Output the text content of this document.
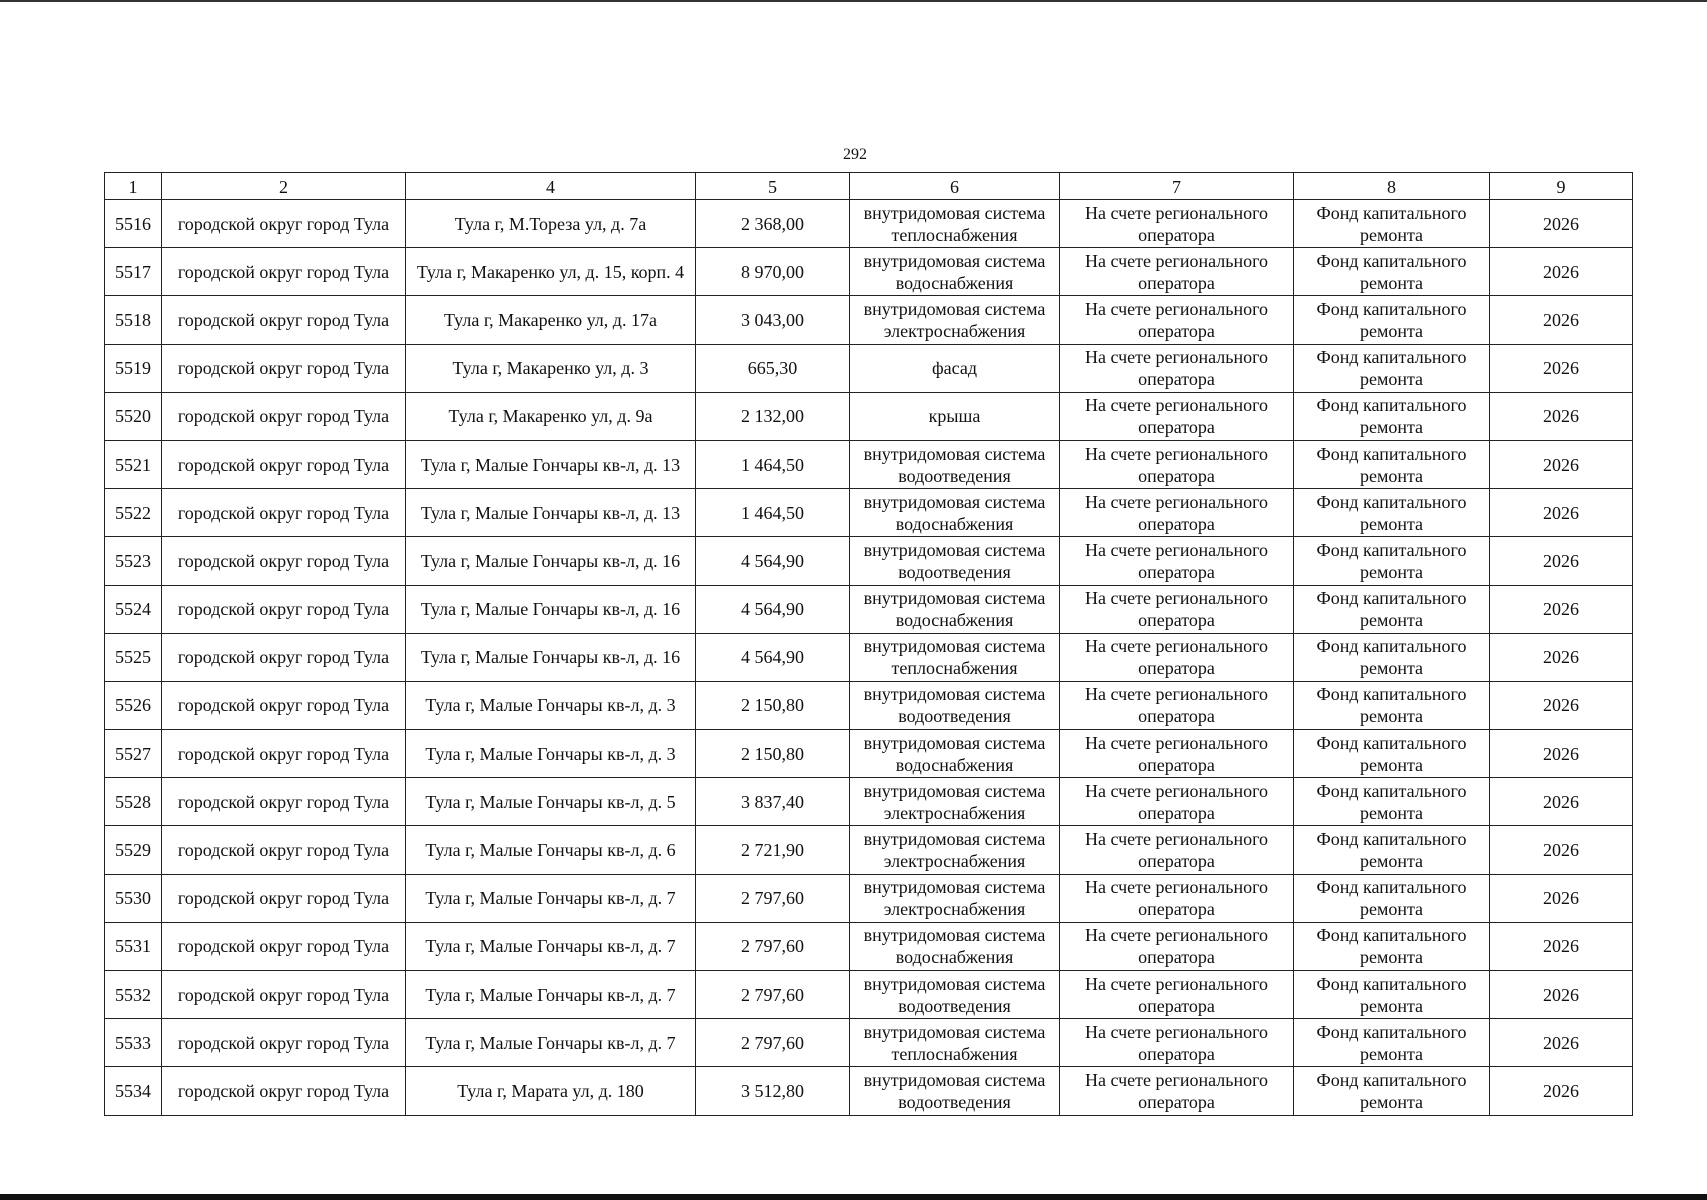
292
1	2	4	5	6	7	8	9
5516	городской округ город Тула	Тула г, М.Тореза ул, д. 7а	2 368,00	внутридомовая система теплоснабжения	На счете регионального оператора	Фонд капитального ремонта	2026
5517	городской округ город Тула	Тула г, Макаренко ул, д. 15, корп. 4	8 970,00	внутридомовая система водоснабжения	На счете регионального оператора	Фонд капитального ремонта	2026
5518	городской округ город Тула	Тула г, Макаренко ул, д. 17а	3 043,00	внутридомовая система электроснабжения	На счете регионального оператора	Фонд капитального ремонта	2026
5519	городской округ город Тула	Тула г, Макаренко ул, д. 3	665,30	фасад	На счете регионального оператора	Фонд капитального ремонта	2026
5520	городской округ город Тула	Тула г, Макаренко ул, д. 9а	2 132,00	крыша	На счете регионального оператора	Фонд капитального ремонта	2026
5521	городской округ город Тула	Тула г, Малые Гончары кв-л, д. 13	1 464,50	внутридомовая система водоотведения	На счете регионального оператора	Фонд капитального ремонта	2026
5522	городской округ город Тула	Тула г, Малые Гончары кв-л, д. 13	1 464,50	внутридомовая система водоснабжения	На счете регионального оператора	Фонд капитального ремонта	2026
5523	городской округ город Тула	Тула г, Малые Гончары кв-л, д. 16	4 564,90	внутридомовая система водоотведения	На счете регионального оператора	Фонд капитального ремонта	2026
5524	городской округ город Тула	Тула г, Малые Гончары кв-л, д. 16	4 564,90	внутридомовая система водоснабжения	На счете регионального оператора	Фонд капитального ремонта	2026
5525	городской округ город Тула	Тула г, Малые Гончары кв-л, д. 16	4 564,90	внутридомовая система теплоснабжения	На счете регионального оператора	Фонд капитального ремонта	2026
5526	городской округ город Тула	Тула г, Малые Гончары кв-л, д. 3	2 150,80	внутридомовая система водоотведения	На счете регионального оператора	Фонд капитального ремонта	2026
5527	городской округ город Тула	Тула г, Малые Гончары кв-л, д. 3	2 150,80	внутридомовая система водоснабжения	На счете регионального оператора	Фонд капитального ремонта	2026
5528	городской округ город Тула	Тула г, Малые Гончары кв-л, д. 5	3 837,40	внутридомовая система электроснабжения	На счете регионального оператора	Фонд капитального ремонта	2026
5529	городской округ город Тула	Тула г, Малые Гончары кв-л, д. 6	2 721,90	внутридомовая система электроснабжения	На счете регионального оператора	Фонд капитального ремонта	2026
5530	городской округ город Тула	Тула г, Малые Гончары кв-л, д. 7	2 797,60	внутридомовая система электроснабжения	На счете регионального оператора	Фонд капитального ремонта	2026
5531	городской округ город Тула	Тула г, Малые Гончары кв-л, д. 7	2 797,60	внутридомовая система водоснабжения	На счете регионального оператора	Фонд капитального ремонта	2026
5532	городской округ город Тула	Тула г, Малые Гончары кв-л, д. 7	2 797,60	внутридомовая система водоотведения	На счете регионального оператора	Фонд капитального ремонта	2026
5533	городской округ город Тула	Тула г, Малые Гончары кв-л, д. 7	2 797,60	внутридомовая система теплоснабжения	На счете регионального оператора	Фонд капитального ремонта	2026
5534	городской округ город Тула	Тула г, Марата ул, д. 180	3 512,80	внутридомовая система водоотведения	На счете регионального оператора	Фонд капитального ремонта	2026
